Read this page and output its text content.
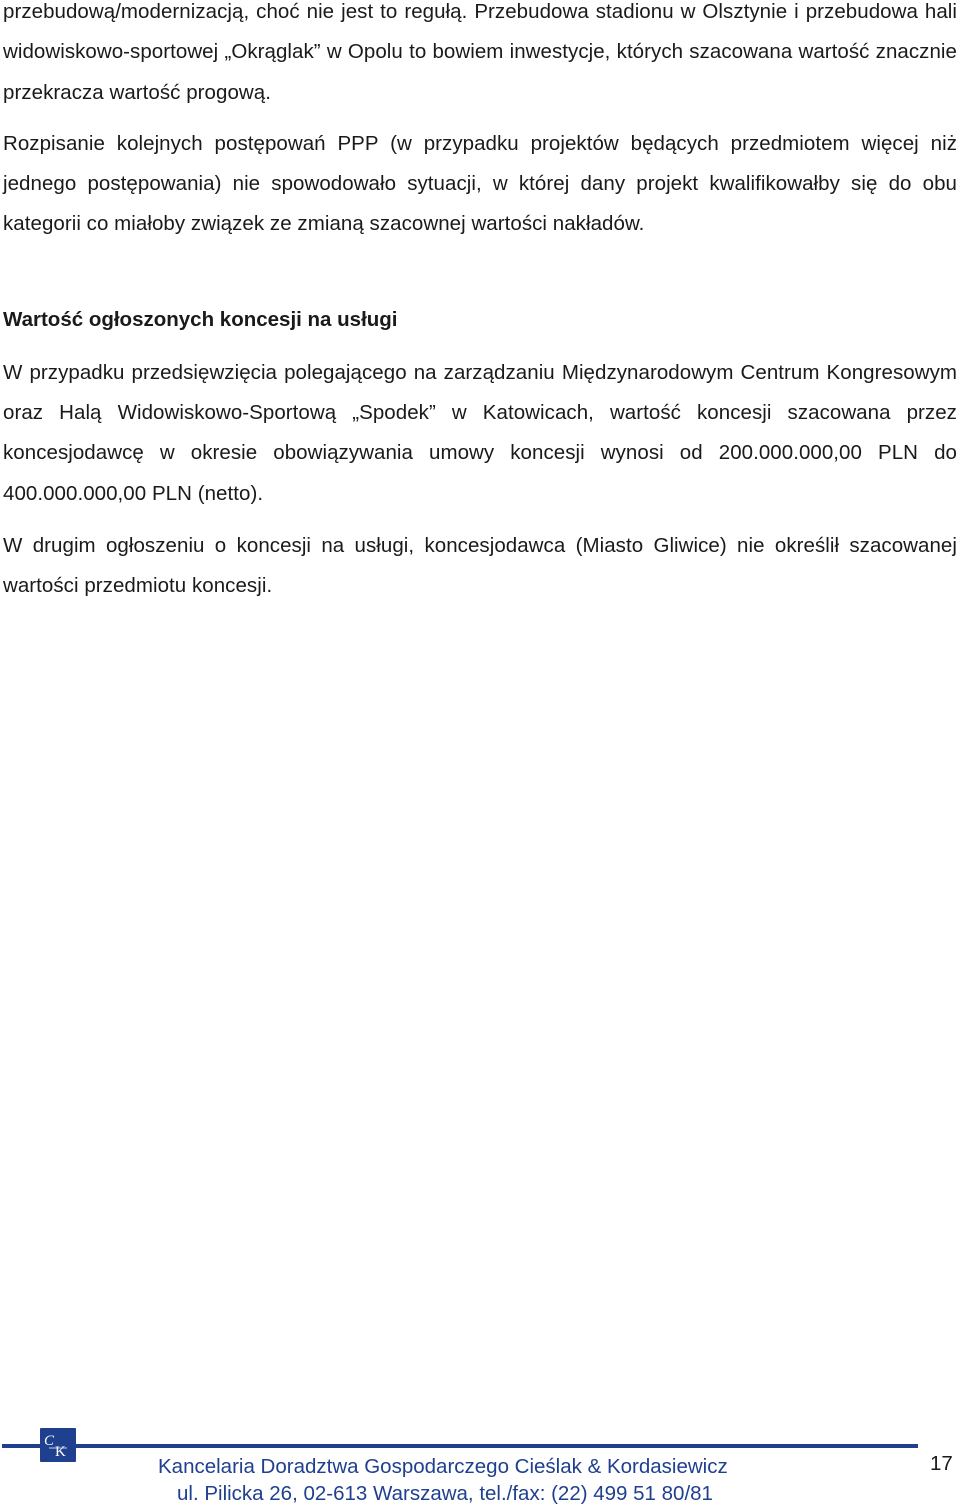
przebudową/modernizacją, choć nie jest to regułą. Przebudowa stadionu w Olsztynie i przebudowa hali widowiskowo-sportowej „Okrąglak” w Opolu to bowiem inwestycje, których szacowana wartość znacznie przekracza wartość progową.

Rozpisanie kolejnych postępowań PPP (w przypadku projektów będących przedmiotem więcej niż jednego postępowania) nie spowodowało sytuacji, w której dany projekt kwalifikowałby się do obu kategorii co miałoby związek ze zmianą szacownej wartości nakładów.

Wartość ogłoszonych koncesji na usługi

W przypadku przedsięwzięcia polegającego na zarządzaniu Międzynarodowym Centrum Kongresowym oraz Halą Widowiskowo-Sportową „Spodek” w Katowicach, wartość koncesji szacowana przez koncesjodawcę w okresie obowiązywania umowy koncesji wynosi od 200.000.000,00 PLN do 400.000.000,00 PLN (netto).

W drugim ogłoszeniu o koncesji na usługi, koncesjodawca (Miasto Gliwice) nie określił szacowanej wartości przedmiotu koncesji.

C
K
Kancelaria Doradztwa Gospodarczego Cieślak & Kordasiewicz
ul. Pilicka 26, 02-613 Warszawa, tel./fax: (22) 499 51 80/81
17
